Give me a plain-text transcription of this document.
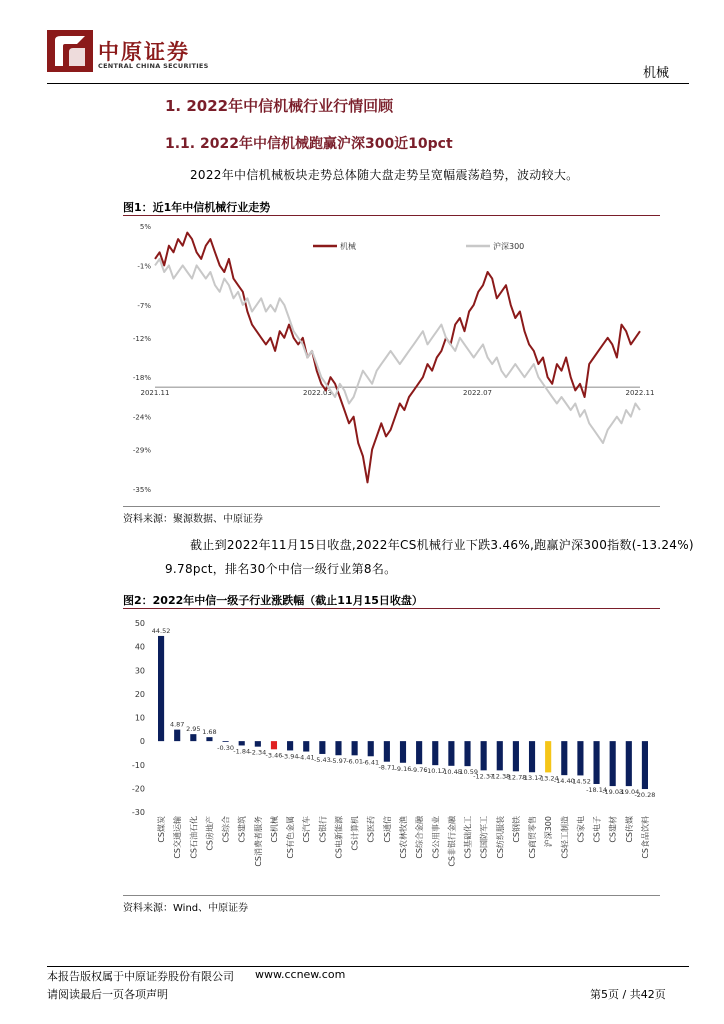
中原证券
CENTRAL CHINA SECURITIES	机械
1. 2022年中信机械行业行情回顾
1.1. 2022年中信机械跑赢沪深300近10pct
2022年中信机械板块走势总体随大盘走势呈宽幅震荡趋势，波动较大。
图1：近1年中信机械行业走势
5%
-1%
-7%
-12%
-18%
-24%
-29%
-35%
2021.11	2022.03	2022.07	2022.11
机械	沪深300
资料来源：聚源数据、中原证券
截止到2022年11月15日收盘,2022年CS机械行业下跌3.46%,跑赢沪深300指数(-13.24%)
9.78pct，排名30个中信一级行业第8名。
图2：2022年中信一级子行业涨跌幅（截止11月15日收盘）
50
40
30
20
10
0
-10
-20
-30
44.52
CS煤炭
4.87
CS交通运输
2.95
CS石油石化
1.68
CS房地产
-0.30
CS综合
-1.84
CS建筑
-2.34
CS消费者服务
-3.46
CS机械
-3.94
CS有色金属
-4.41
CS汽车
-5.43
CS银行
-5.97
CS电新能源
-6.01
CS计算机
-6.41
CS医药
-8.71
CS通信
-9.16
CS农林牧渔
-9.76
CS综合金融
-10.17
CS公用事业
-10.45
CS非银行金融
-10.59
CS基础化工
-12.37
CS国防军工
-12.38
CS纺织服装
-12.78
CS钢铁
-13.17
CS商贸零售
-13.24
沪深300
-14.40
CS轻工制造
-14.52
CS家电
-18.14
CS电子
-19.03
CS建材
-19.04
CS传媒
-20.28
CS食品饮料
资料来源：Wind、中原证券
本报告版权属于中原证券股份有限公司 www.ccnew.com
请阅读最后一页各项声明	第5页 / 共42页
